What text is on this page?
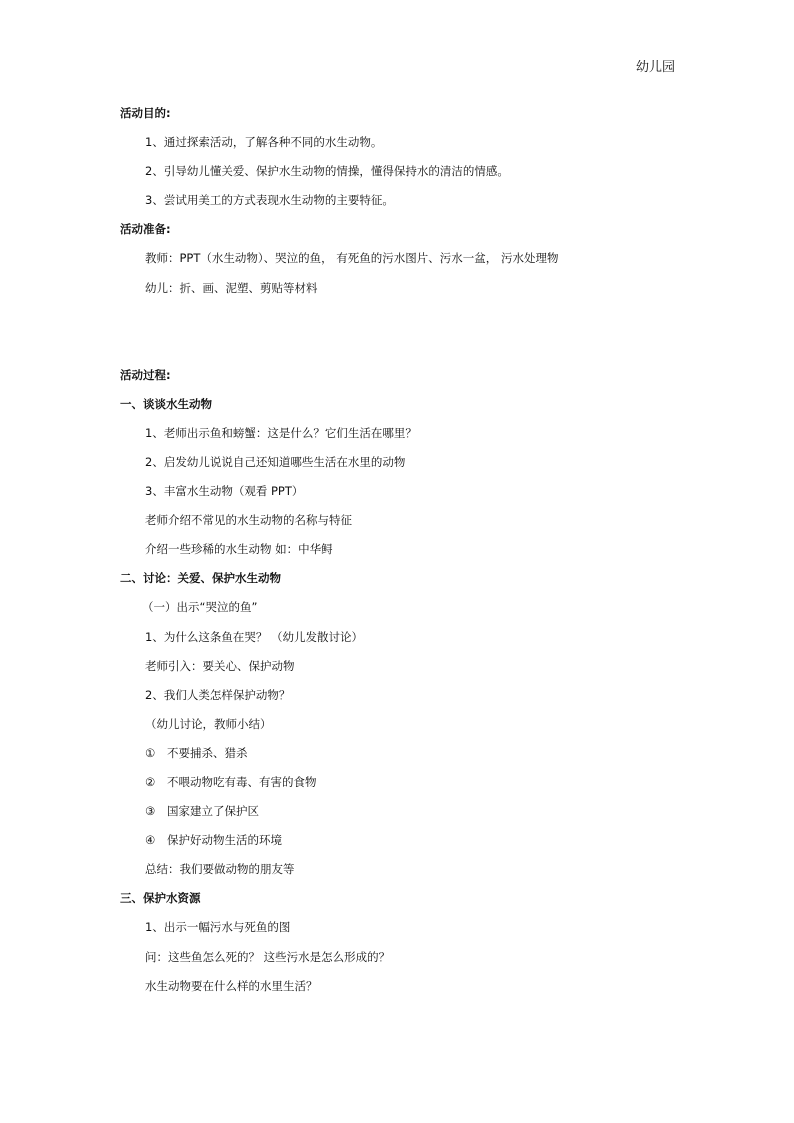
幼儿园
活动目的:
1、通过探索活动，了解各种不同的水生动物。
2、引导幼儿懂关爱、保护水生动物的情操，懂得保持水的清洁的情感。
3、尝试用美工的方式表现水生动物的主要特征。
活动准备:
教师：PPT（水生动物）、哭泣的鱼， 有死鱼的污水图片、污水一盆， 污水处理物
幼儿：折、画、泥塑、剪贴等材料
活动过程:
一、谈谈水生动物
1、老师出示鱼和螃蟹：这是什么？它们生活在哪里？
2、启发幼儿说说自己还知道哪些生活在水里的动物
3、丰富水生动物（观看 PPT）
老师介绍不常见的水生动物的名称与特征
介绍一些珍稀的水生动物 如：中华鲟
二、讨论：关爱、保护水生动物
（一）出示“哭泣的鱼”
1、为什么这条鱼在哭？ （幼儿发散讨论）
老师引入：要关心、保护动物
2、我们人类怎样保护动物？
（幼儿讨论，教师小结）
① 不要捕杀、猎杀
② 不喂动物吃有毒、有害的食物
③ 国家建立了保护区
④ 保护好动物生活的环境
总结：我们要做动物的朋友等
三、保护水资源
1、出示一幅污水与死鱼的图
问：这些鱼怎么死的？ 这些污水是怎么形成的？
水生动物要在什么样的水里生活？
